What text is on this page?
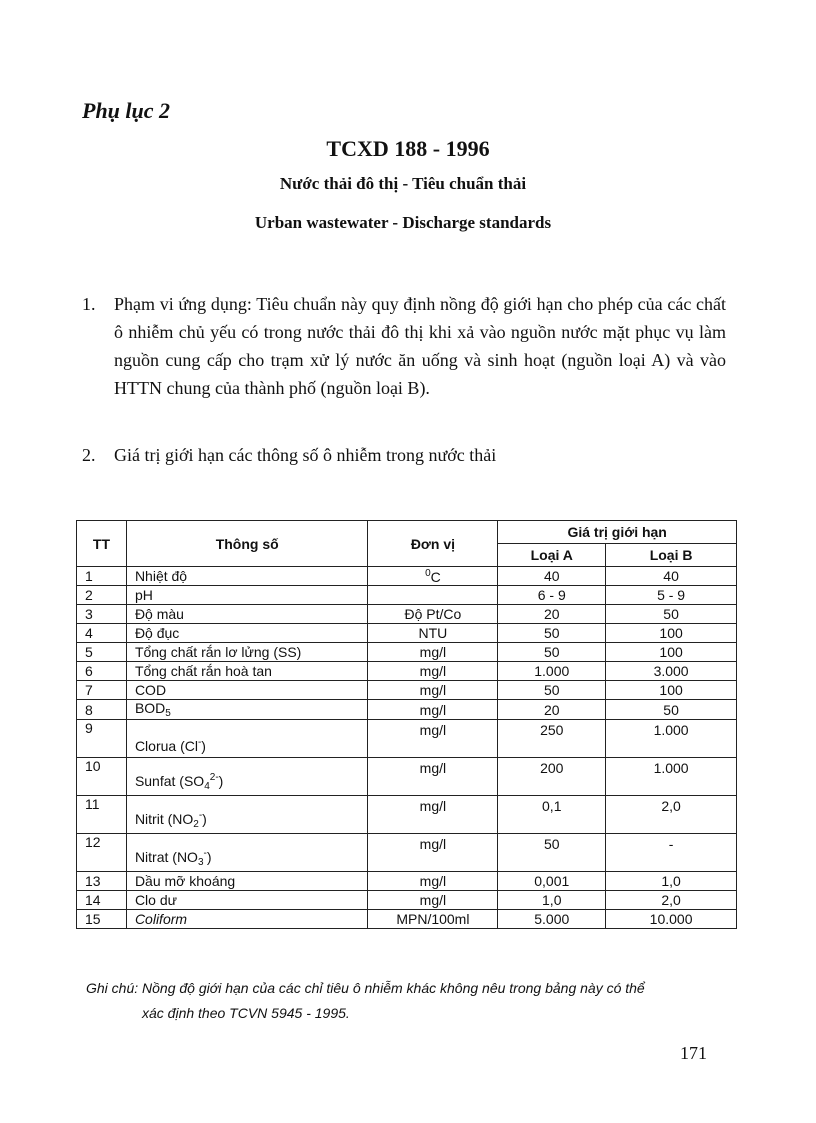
Phụ lục 2
TCXD 188 - 1996
Nước thải đô thị - Tiêu chuẩn thải
Urban wastewater - Discharge standards
1. Phạm vi ứng dụng: Tiêu chuẩn này quy định nồng độ giới hạn cho phép của các chất ô nhiễm chủ yếu có trong nước thải đô thị khi xả vào nguồn nước mặt phục vụ làm nguồn cung cấp cho trạm xử lý nước ăn uống và sinh hoạt (nguồn loại A) và vào HTTN chung của thành phố (nguồn loại B).
2. Giá trị giới hạn các thông số ô nhiễm trong nước thải
TT	Thông số	Đơn vị	Giá trị giới hạn	
			Loại A	Loại B
1	Nhiệt độ	$^0$C	40	40
2	pH		6 - 9	5 - 9
3	Độ màu	Độ Pt/Co	20	50
4	Độ đục	NTU	50	100
5	Tổng chất rắn lơ lửng (SS)	mg/l	50	100
6	Tổng chất rắn hoà tan	mg/l	1.000	3.000
7	COD	mg/l	50	100
8	$BOD_5$	mg/l	20	50
9	Clorua (Cl-)	mg/l	250	1.000
10	Sunfat $(SO_4^{2-})$	mg/l	200	1.000
11	Nitrit $(NO_2^-)$	mg/l	0,1	2,0
12	Nitrat $(NO_3^-)$	mg/l	50	-
13	Dầu mỡ khoáng	mg/l	0,001	1,0
14	Clo dư	mg/l	1,0	2,0
15	Coliform	MPN/100ml	5.000	10.000
Ghi chú: Nồng độ giới hạn của các chỉ tiêu ô nhiễm khác không nêu trong bảng này có thể
xác định theo TCVN 5945 - 1995.
171
